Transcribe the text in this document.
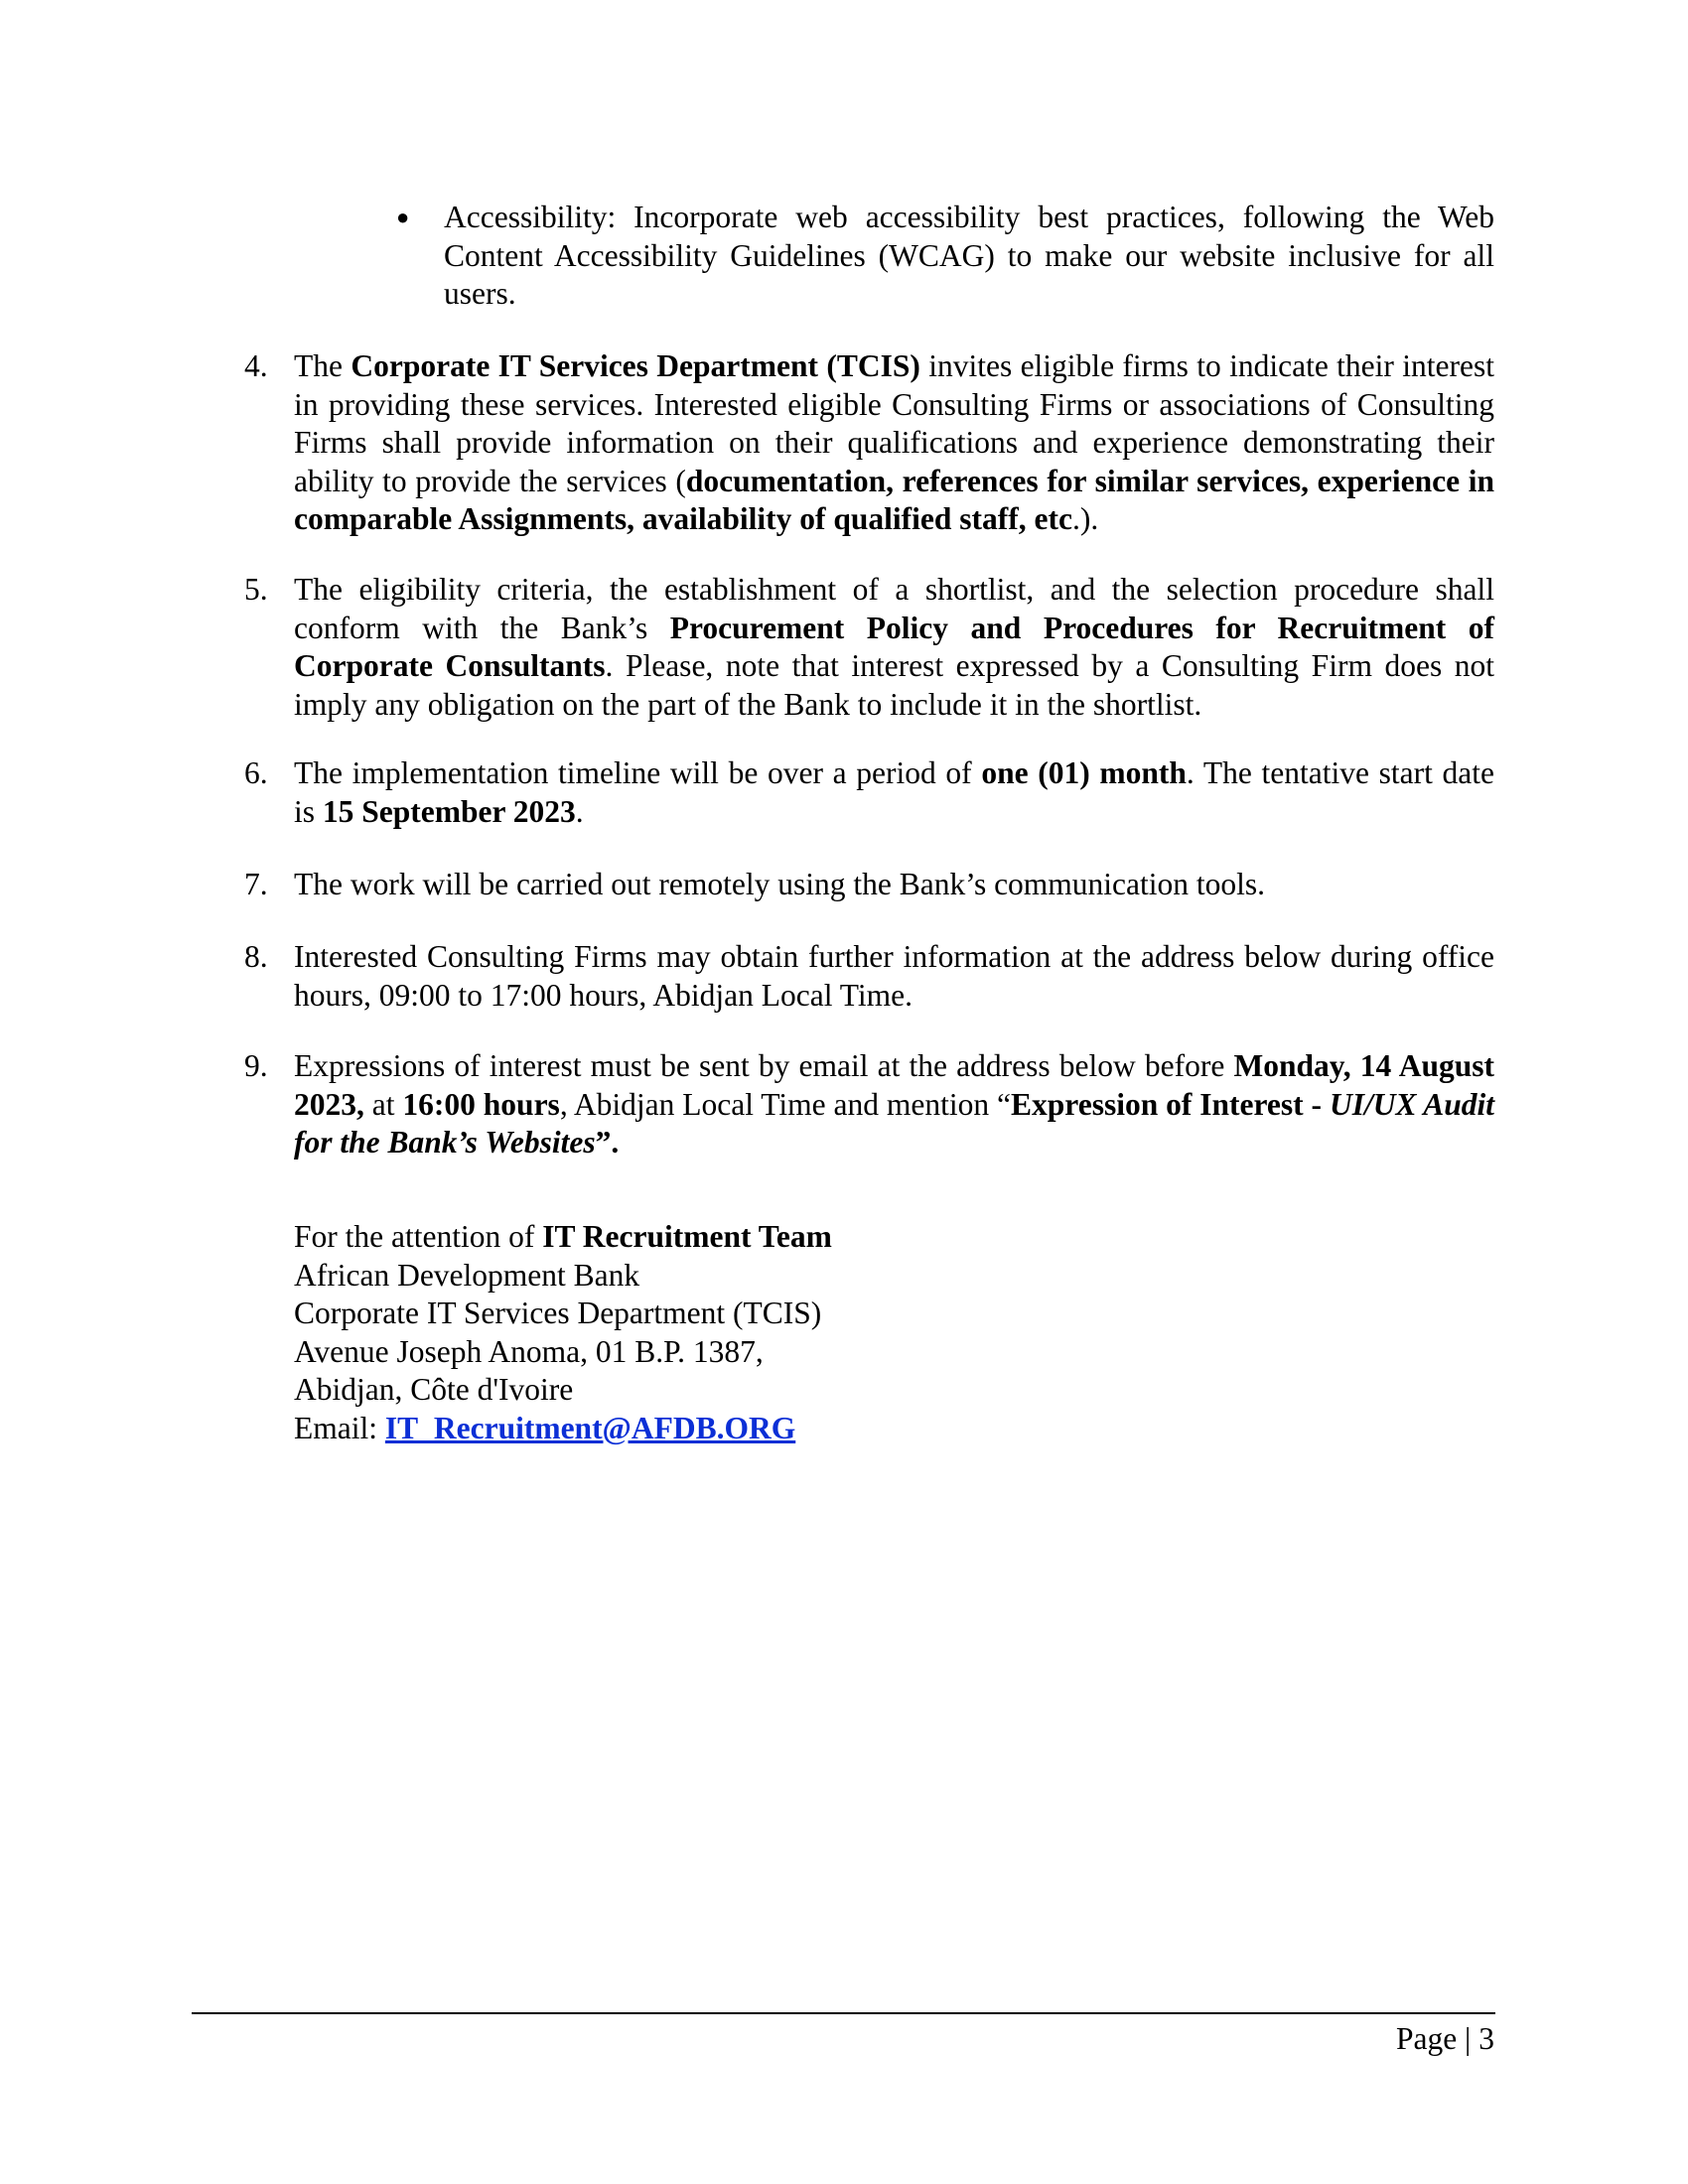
● Accessibility: Incorporate web accessibility best practices, following the Web Content Accessibility Guidelines (WCAG) to make our website inclusive for all users.
4. The Corporate IT Services Department (TCIS) invites eligible firms to indicate their interest in providing these services. Interested eligible Consulting Firms or associations of Consulting Firms shall provide information on their qualifications and experience demonstrating their ability to provide the services (documentation, references for similar services, experience in comparable Assignments, availability of qualified staff, etc.).
5. The eligibility criteria, the establishment of a shortlist, and the selection procedure shall conform with the Bank’s Procurement Policy and Procedures for Recruitment of Corporate Consultants. Please, note that interest expressed by a Consulting Firm does not imply any obligation on the part of the Bank to include it in the shortlist.
6. The implementation timeline will be over a period of one (01) month. The tentative start date is 15 September 2023.
7. The work will be carried out remotely using the Bank’s communication tools.
8. Interested Consulting Firms may obtain further information at the address below during office hours, 09:00 to 17:00 hours, Abidjan Local Time.
9. Expressions of interest must be sent by email at the address below before Monday, 14 August 2023, at 16:00 hours, Abidjan Local Time and mention “Expression of Interest - UI/UX Audit for the Bank’s Websites”.
For the attention of IT Recruitment Team
African Development Bank
Corporate IT Services Department (TCIS)
Avenue Joseph Anoma, 01 B.P. 1387,
Abidjan, Côte d'Ivoire
Email: IT_Recruitment@AFDB.ORG
Page | 3
